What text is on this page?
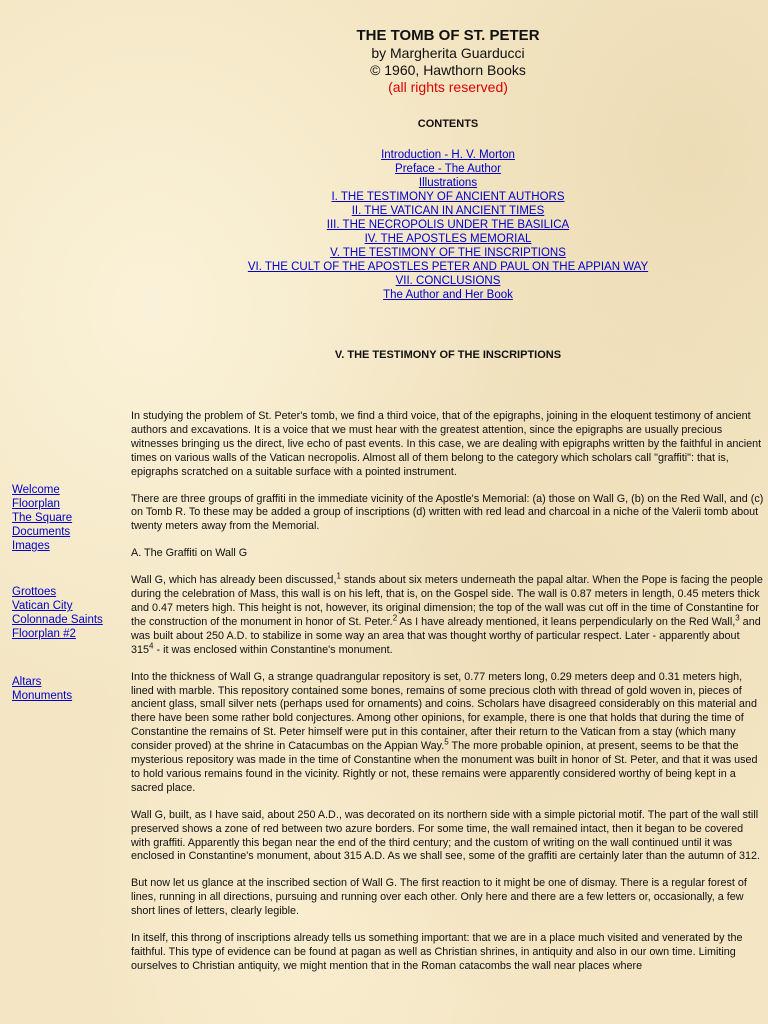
THE TOMB OF ST. PETER
by Margherita Guarducci
© 1960, Hawthorn Books
(all rights reserved)
CONTENTS
Introduction - H. V. Morton
Preface - The Author
Illustrations
I. THE TESTIMONY OF ANCIENT AUTHORS
II. THE VATICAN IN ANCIENT TIMES
III. THE NECROPOLIS UNDER THE BASILICA
IV. THE APOSTLES MEMORIAL
V. THE TESTIMONY OF THE INSCRIPTIONS
VI. THE CULT OF THE APOSTLES PETER AND PAUL ON THE APPIAN WAY
VII. CONCLUSIONS
The Author and Her Book
V. THE TESTIMONY OF THE INSCRIPTIONS
Welcome
Floorplan
The Square
Documents
Images
Grottoes
Vatican City
Colonnade Saints
Floorplan #2
Altars
Monuments

In studying the problem of St. Peter's tomb, we find a third voice, that of the epigraphs, joining in the eloquent testimony of ancient authors and excavations. It is a voice that we must hear with the greatest attention, since the epigraphs are usually precious witnesses bringing us the direct, live echo of past events. In this case, we are dealing with epigraphs written by the faithful in ancient times on various walls of the Vatican necropolis. Almost all of them belong to the category which scholars call "graffiti": that is, epigraphs scratched on a suitable surface with a pointed instrument.

There are three groups of graffiti in the immediate vicinity of the Apostle's Memorial: (a) those on Wall G, (b) on the Red Wall, and (c) on Tomb R. To these may be added a group of inscriptions (d) written with red lead and charcoal in a niche of the Valerii tomb about twenty meters away from the Memorial.

A. The Graffiti on Wall G

Wall G, which has already been discussed,$^1$ stands about six meters underneath the papal altar. When the Pope is facing the people during the celebration of Mass, this wall is on his left, that is, on the Gospel side. The wall is 0.87 meters in length, 0.45 meters thick and 0.47 meters high. This height is not, however, its original dimension; the top of the wall was cut off in the time of Constantine for the construction of the monument in honor of St. Peter.$^2$ As I have already mentioned, it leans perpendicularly on the Red Wall,$^3$ and was built about 250 A.D. to stabilize in some way an area that was thought worthy of particular respect. Later - apparently about $315^4$ - it was enclosed within Constantine's monument.

Into the thickness of Wall G, a strange quadrangular repository is set, 0.77 meters long, 0.29 meters deep and 0.31 meters high, lined with marble. This repository contained some bones, remains of some precious cloth with thread of gold woven in, pieces of ancient glass, small silver nets (perhaps used for ornaments) and coins. Scholars have disagreed considerably on this material and there have been some rather bold conjectures. Among other opinions, for example, there is one that holds that during the time of Constantine the remains of St. Peter himself were put in this container, after their return to the Vatican from a stay (which many consider proved) at the shrine in Catacumbas on the Appian Way.$^5$ The more probable opinion, at present, seems to be that the mysterious repository was made in the time of Constantine when the monument was built in honor of St. Peter, and that it was used to hold various remains found in the vicinity. Rightly or not, these remains were apparently considered worthy of being kept in a sacred place.

Wall G, built, as I have said, about 250 A.D., was decorated on its northern side with a simple pictorial motif. The part of the wall still preserved shows a zone of red between two azure borders. For some time, the wall remained intact, then it began to be covered with graffiti. Apparently this began near the end of the third century; and the custom of writing on the wall continued until it was enclosed in Constantine's monument, about 315 A.D. As we shall see, some of the graffiti are certainly later than the autumn of 312.

But now let us glance at the inscribed section of Wall G. The first reaction to it might be one of dismay. There is a regular forest of lines, running in all directions, pursuing and running over each other. Only here and there are a few letters or, occasionally, a few short lines of letters, clearly legible.

In itself, this throng of inscriptions already tells us something important: that we are in a place much visited and venerated by the faithful. This type of evidence can be found at pagan as well as Christian shrines, in antiquity and also in our own time. Limiting ourselves to Christian antiquity, we might mention that in the Roman catacombs the wall near places where
